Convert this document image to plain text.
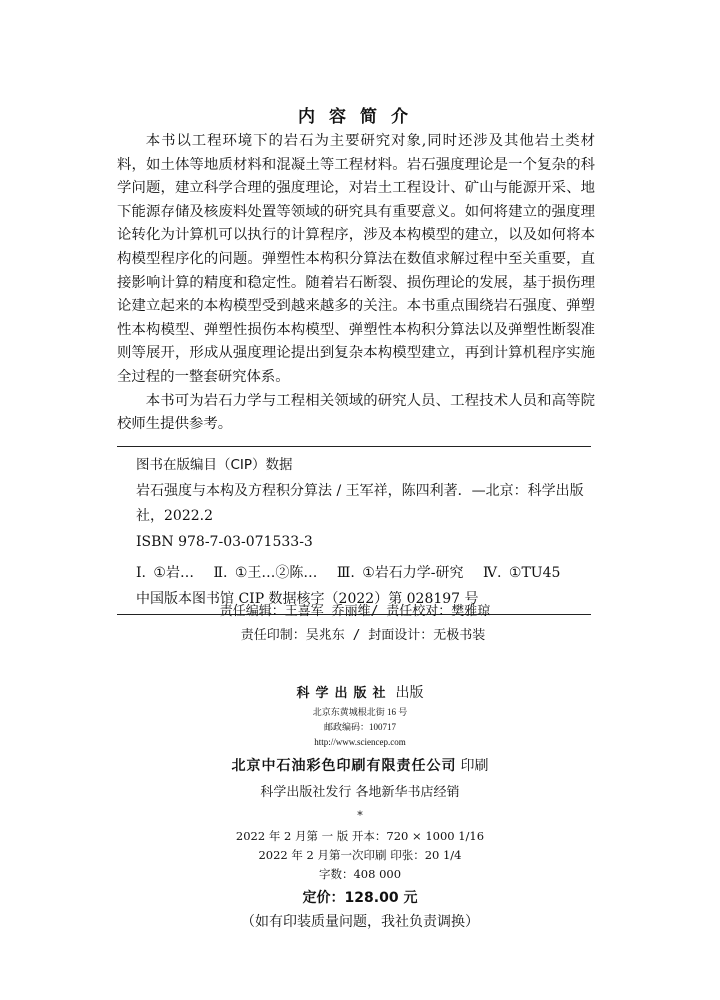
内容简介

本书以工程环境下的岩石为主要研究对象,同时还涉及其他岩土类材料，如土体等地质材料和混凝土等工程材料。岩石强度理论是一个复杂的科学问题，建立科学合理的强度理论，对岩土工程设计、矿山与能源开采、地下能源存储及核废料处置等领域的研究具有重要意义。如何将建立的强度理论转化为计算机可以执行的计算程序，涉及本构模型的建立，以及如何将本构模型程序化的问题。弹塑性本构积分算法在数值求解过程中至关重要，直接影响计算的精度和稳定性。随着岩石断裂、损伤理论的发展，基于损伤理论建立起来的本构模型受到越来越多的关注。本书重点围绕岩石强度、弹塑性本构模型、弹塑性损伤本构模型、弹塑性本构积分算法以及弹塑性断裂准则等展开，形成从强度理论提出到复杂本构模型建立，再到计算机程序实施全过程的一整套研究体系。

本书可为岩石力学与工程相关领域的研究人员、工程技术人员和高等院校师生提供参考。

图书在版编目（CIP）数据
岩石强度与本构及方程积分算法 / 王军祥，陈四利著．—北京：科学出版社，2022.2
ISBN 978-7-03-071533-3
Ⅰ. ①岩… Ⅱ. ①王…②陈… Ⅲ. ①岩石力学-研究 Ⅳ. ①TU45
中国版本图书馆 CIP 数据核字（2022）第 028197 号
责任编辑：王喜军 乔丽维/ 责任校对：樊雅琼
责任印制：吴兆东 / 封面设计：无极书装
科学出版社 出版
北京东黄城根北街 16 号
邮政编码：100717
http://www.sciencep.com
北京中石油彩色印刷有限责任公司 印刷
科学出版社发行 各地新华书店经销
*
2022 年 2 月第 一 版 开本：720 × 1000 1/16
2022 年 2 月第一次印刷 印张：20 1/4
字数：408 000
定价：128.00 元
（如有印装质量问题，我社负责调换）
